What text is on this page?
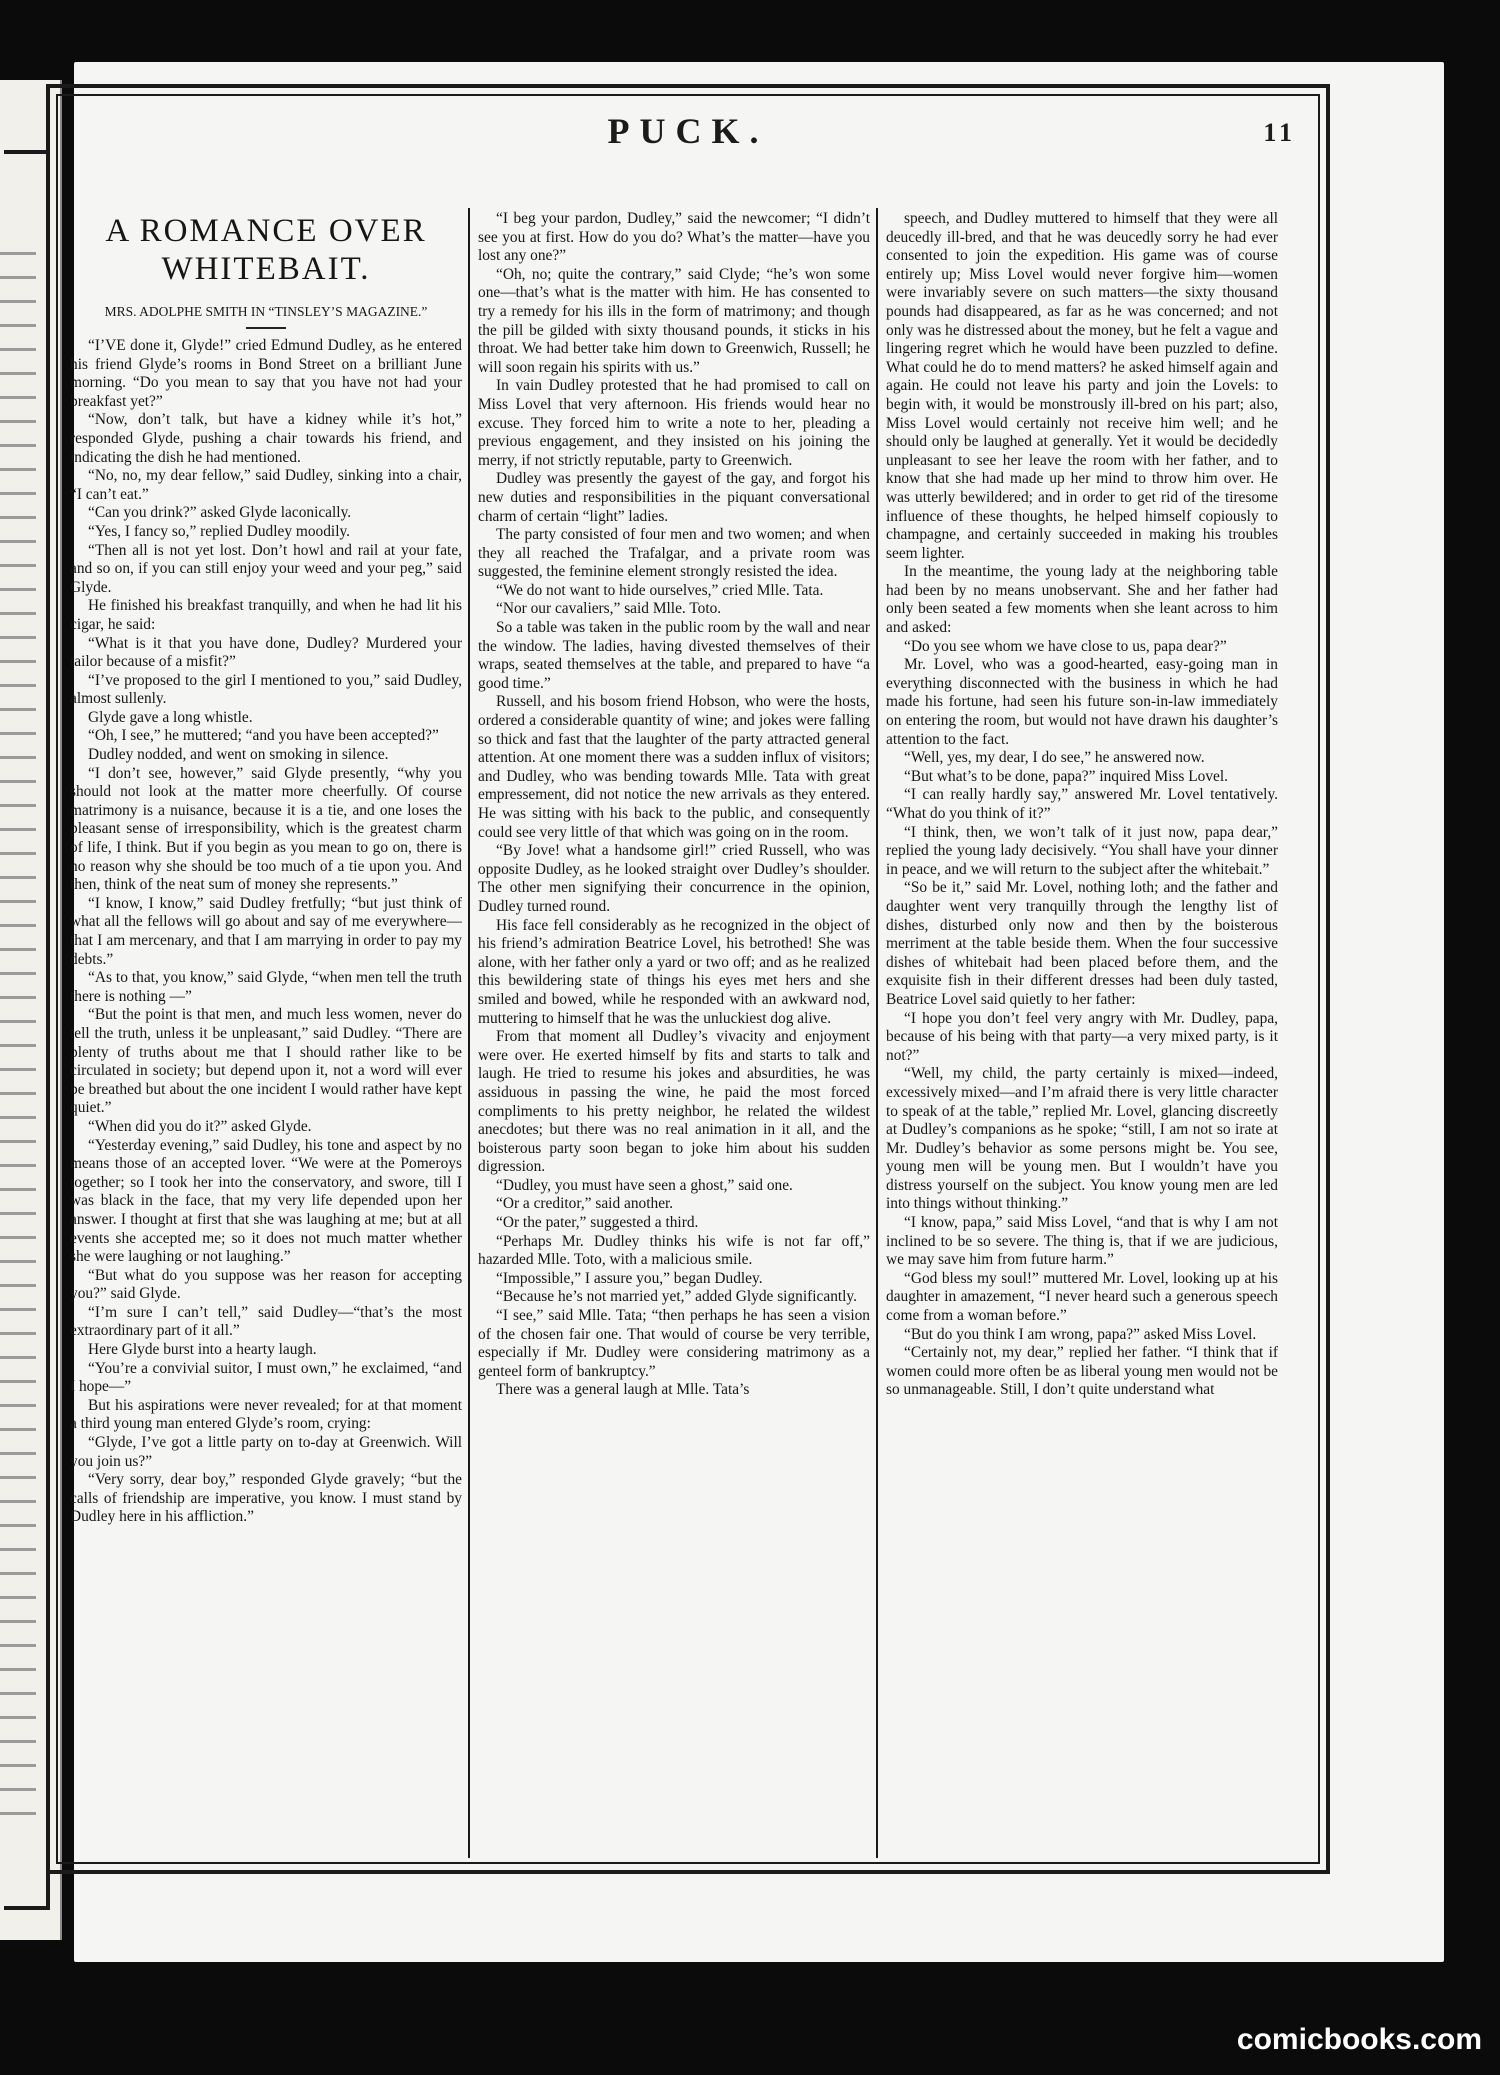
PUCK.	11
A ROMANCE OVER WHITEBAIT.
MRS. ADOLPHE SMITH IN “TINSLEY’S MAGAZINE.”

“I’VE done it, Glyde!” cried Edmund Dudley, as he entered his friend Glyde’s rooms in Bond Street on a brilliant June morning. “Do you mean to say that you have not had your breakfast yet?”

“Now, don’t talk, but have a kidney while it’s hot,” responded Glyde, pushing a chair towards his friend, and indicating the dish he had mentioned.

“No, no, my dear fellow,” said Dudley, sinking into a chair, “I can’t eat.”

“Can you drink?” asked Glyde laconically.

“Yes, I fancy so,” replied Dudley moodily.

“Then all is not yet lost. Don’t howl and rail at your fate, and so on, if you can still enjoy your weed and your peg,” said Glyde.

He finished his breakfast tranquilly, and when he had lit his cigar, he said:

“What is it that you have done, Dudley? Murdered your tailor because of a misfit?”

“I’ve proposed to the girl I mentioned to you,” said Dudley, almost sullenly.

Glyde gave a long whistle.

“Oh, I see,” he muttered; “and you have been accepted?”

Dudley nodded, and went on smoking in silence.

“I don’t see, however,” said Glyde presently, “why you should not look at the matter more cheerfully. Of course matrimony is a nuisance, because it is a tie, and one loses the pleasant sense of irresponsibility, which is the greatest charm of life, I think. But if you begin as you mean to go on, there is no reason why she should be too much of a tie upon you. And then, think of the neat sum of money she represents.”

“I know, I know,” said Dudley fretfully; “but just think of what all the fellows will go about and say of me everywhere—that I am mercenary, and that I am marrying in order to pay my debts.”

“As to that, you know,” said Glyde, “when men tell the truth there is nothing —”

“But the point is that men, and much less women, never do tell the truth, unless it be unpleasant,” said Dudley. “There are plenty of truths about me that I should rather like to be circulated in society; but depend upon it, not a word will ever be breathed but about the one incident I would rather have kept quiet.”

“When did you do it?” asked Glyde.

“Yesterday evening,” said Dudley, his tone and aspect by no means those of an accepted lover. “We were at the Pomeroys together; so I took her into the conservatory, and swore, till I was black in the face, that my very life depended upon her answer. I thought at first that she was laughing at me; but at all events she accepted me; so it does not much matter whether she were laughing or not laughing.”

“But what do you suppose was her reason for accepting you?” said Glyde.

“I’m sure I can’t tell,” said Dudley—“that’s the most extraordinary part of it all.”

Here Glyde burst into a hearty laugh.

“You’re a convivial suitor, I must own,” he exclaimed, “and I hope—”

But his aspirations were never revealed; for at that moment a third young man entered Glyde’s room, crying:

“Glyde, I’ve got a little party on to-day at Greenwich. Will you join us?”

“Very sorry, dear boy,” responded Glyde gravely; “but the calls of friendship are imperative, you know. I must stand by Dudley here in his affliction.”

“I beg your pardon, Dudley,” said the newcomer; “I didn’t see you at first. How do you do? What’s the matter—have you lost any one?”

“Oh, no; quite the contrary,” said Clyde; “he’s won some one—that’s what is the matter with him. He has consented to try a remedy for his ills in the form of matrimony; and though the pill be gilded with sixty thousand pounds, it sticks in his throat. We had better take him down to Greenwich, Russell; he will soon regain his spirits with us.”

In vain Dudley protested that he had promised to call on Miss Lovel that very afternoon. His friends would hear no excuse. They forced him to write a note to her, pleading a previous engagement, and they insisted on his joining the merry, if not strictly reputable, party to Greenwich.

Dudley was presently the gayest of the gay, and forgot his new duties and responsibilities in the piquant conversational charm of certain “light” ladies.

The party consisted of four men and two women; and when they all reached the Trafalgar, and a private room was suggested, the feminine element strongly resisted the idea.

“We do not want to hide ourselves,” cried Mlle. Tata.

“Nor our cavaliers,” said Mlle. Toto.

So a table was taken in the public room by the wall and near the window. The ladies, having divested themselves of their wraps, seated themselves at the table, and prepared to have “a good time.”

Russell, and his bosom friend Hobson, who were the hosts, ordered a considerable quantity of wine; and jokes were falling so thick and fast that the laughter of the party attracted general attention. At one moment there was a sudden influx of visitors; and Dudley, who was bending towards Mlle. Tata with great empressement, did not notice the new arrivals as they entered. He was sitting with his back to the public, and consequently could see very little of that which was going on in the room.

“By Jove! what a handsome girl!” cried Russell, who was opposite Dudley, as he looked straight over Dudley’s shoulder. The other men signifying their concurrence in the opinion, Dudley turned round.

His face fell considerably as he recognized in the object of his friend’s admiration Beatrice Lovel, his betrothed! She was alone, with her father only a yard or two off; and as he realized this bewildering state of things his eyes met hers and she smiled and bowed, while he responded with an awkward nod, muttering to himself that he was the unluckiest dog alive.

From that moment all Dudley’s vivacity and enjoyment were over. He exerted himself by fits and starts to talk and laugh. He tried to resume his jokes and absurdities, he was assiduous in passing the wine, he paid the most forced compliments to his pretty neighbor, he related the wildest anecdotes; but there was no real animation in it all, and the boisterous party soon began to joke him about his sudden digression.

“Dudley, you must have seen a ghost,” said one.

“Or a creditor,” said another.

“Or the pater,” suggested a third.

“Perhaps Mr. Dudley thinks his wife is not far off,” hazarded Mlle. Toto, with a malicious smile.

“Impossible,” I assure you,” began Dudley.

“Because he’s not married yet,” added Glyde significantly.

“I see,” said Mlle. Tata; “then perhaps he has seen a vision of the chosen fair one. That would of course be very terrible, especially if Mr. Dudley were considering matrimony as a genteel form of bankruptcy.”

There was a general laugh at Mlle. Tata’s

speech, and Dudley muttered to himself that they were all deucedly ill-bred, and that he was deucedly sorry he had ever consented to join the expedition. His game was of course entirely up; Miss Lovel would never forgive him—women were invariably severe on such matters—the sixty thousand pounds had disappeared, as far as he was concerned; and not only was he distressed about the money, but he felt a vague and lingering regret which he would have been puzzled to define. What could he do to mend matters? he asked himself again and again. He could not leave his party and join the Lovels: to begin with, it would be monstrously ill-bred on his part; also, Miss Lovel would certainly not receive him well; and he should only be laughed at generally. Yet it would be decidedly unpleasant to see her leave the room with her father, and to know that she had made up her mind to throw him over. He was utterly bewildered; and in order to get rid of the tiresome influence of these thoughts, he helped himself copiously to champagne, and certainly succeeded in making his troubles seem lighter.

In the meantime, the young lady at the neighboring table had been by no means unobservant. She and her father had only been seated a few moments when she leant across to him and asked:

“Do you see whom we have close to us, papa dear?”

Mr. Lovel, who was a good-hearted, easy-going man in everything disconnected with the business in which he had made his fortune, had seen his future son-in-law immediately on entering the room, but would not have drawn his daughter’s attention to the fact.

“Well, yes, my dear, I do see,” he answered now.

“But what’s to be done, papa?” inquired Miss Lovel.

“I can really hardly say,” answered Mr. Lovel tentatively. “What do you think of it?”

“I think, then, we won’t talk of it just now, papa dear,” replied the young lady decisively. “You shall have your dinner in peace, and we will return to the subject after the whitebait.”

“So be it,” said Mr. Lovel, nothing loth; and the father and daughter went very tranquilly through the lengthy list of dishes, disturbed only now and then by the boisterous merriment at the table beside them. When the four successive dishes of whitebait had been placed before them, and the exquisite fish in their different dresses had been duly tasted, Beatrice Lovel said quietly to her father:

“I hope you don’t feel very angry with Mr. Dudley, papa, because of his being with that party—a very mixed party, is it not?”

“Well, my child, the party certainly is mixed—indeed, excessively mixed—and I’m afraid there is very little character to speak of at the table,” replied Mr. Lovel, glancing discreetly at Dudley’s companions as he spoke; “still, I am not so irate at Mr. Dudley’s behavior as some persons might be. You see, young men will be young men. But I wouldn’t have you distress yourself on the subject. You know young men are led into things without thinking.”

“I know, papa,” said Miss Lovel, “and that is why I am not inclined to be so severe. The thing is, that if we are judicious, we may save him from future harm.”

“God bless my soul!” muttered Mr. Lovel, looking up at his daughter in amazement, “I never heard such a generous speech come from a woman before.”

“But do you think I am wrong, papa?” asked Miss Lovel.

“Certainly not, my dear,” replied her father. “I think that if women could more often be as liberal young men would not be so unmanageable. Still, I don’t quite understand what

comicbooks.com
